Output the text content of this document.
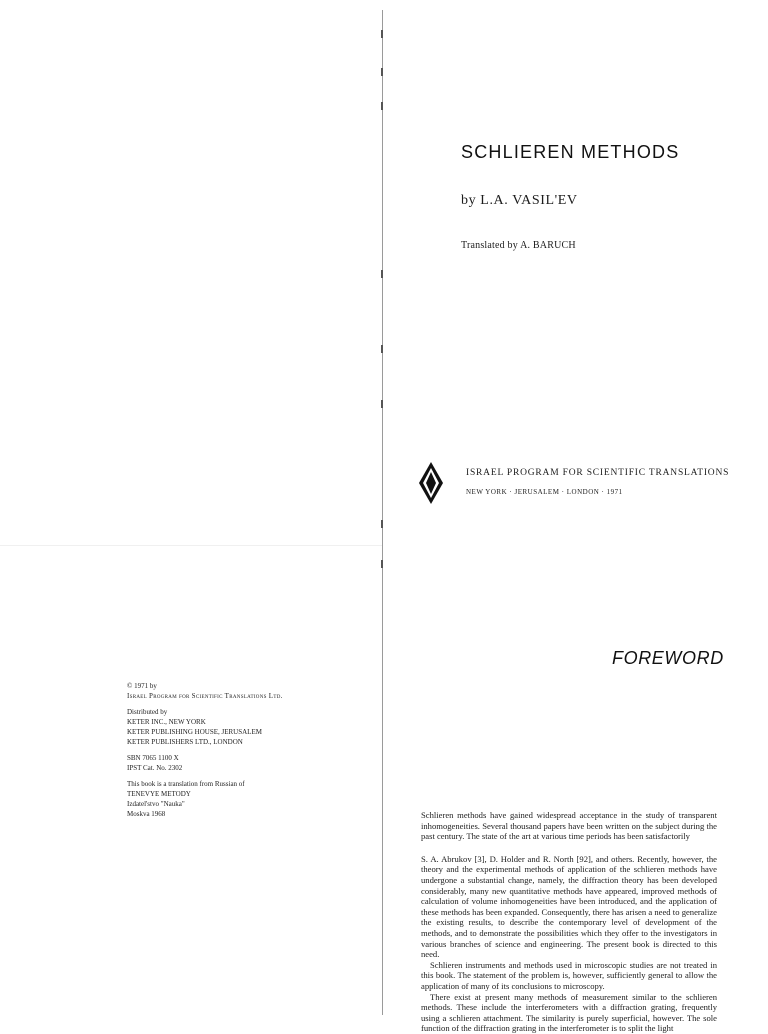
SCHLIEREN METHODS
by L.A. VASIL'EV
Translated by A. BARUCH
ISRAEL PROGRAM FOR SCIENTIFIC TRANSLATIONS
NEW YORK · JERUSALEM · LONDON · 1971
© 1971 by
Israel Program for Scientific Translations Ltd.
Distributed by
KETER INC., NEW YORK
KETER PUBLISHING HOUSE, JERUSALEM
KETER PUBLISHERS LTD., LONDON
SBN 7065 1100 X
IPST Cat. No. 2302
This book is a translation from Russian of
TENEVYE METODY
Izdatel'stvo "Nauka"
Moskva 1968
FOREWORD

Schlieren methods have gained widespread acceptance in the study of transparent inhomogeneities. Several thousand papers have been written on the subject during the past century. The state of the art at various time periods has been satisfactorily

S. A. Abrukov [3], D. Holder and R. North [92], and others. Recently, however, the theory and the experimental methods of application of the schlieren methods have undergone a substantial change, namely, the diffraction theory has been developed considerably, many new quantitative methods have appeared, improved methods of calculation of volume inhomogeneities have been introduced, and the application of these methods has been expanded. Consequently, there has arisen a need to generalize the existing results, to describe the contemporary level of development of the methods, and to demonstrate the possibilities which they offer to the investigators in various branches of science and engineering. The present book is directed to this need.

Schlieren instruments and methods used in microscopic studies are not treated in this book. The statement of the problem is, however, sufficiently general to allow the application of many of its conclusions to microscopy.

There exist at present many methods of measurement similar to the schlieren methods. These include the interferometers with a diffraction grating, frequently using a schlieren attachment. The similarity is purely superficial, however. The sole function of the diffraction grating in the interferometer is to split the light
